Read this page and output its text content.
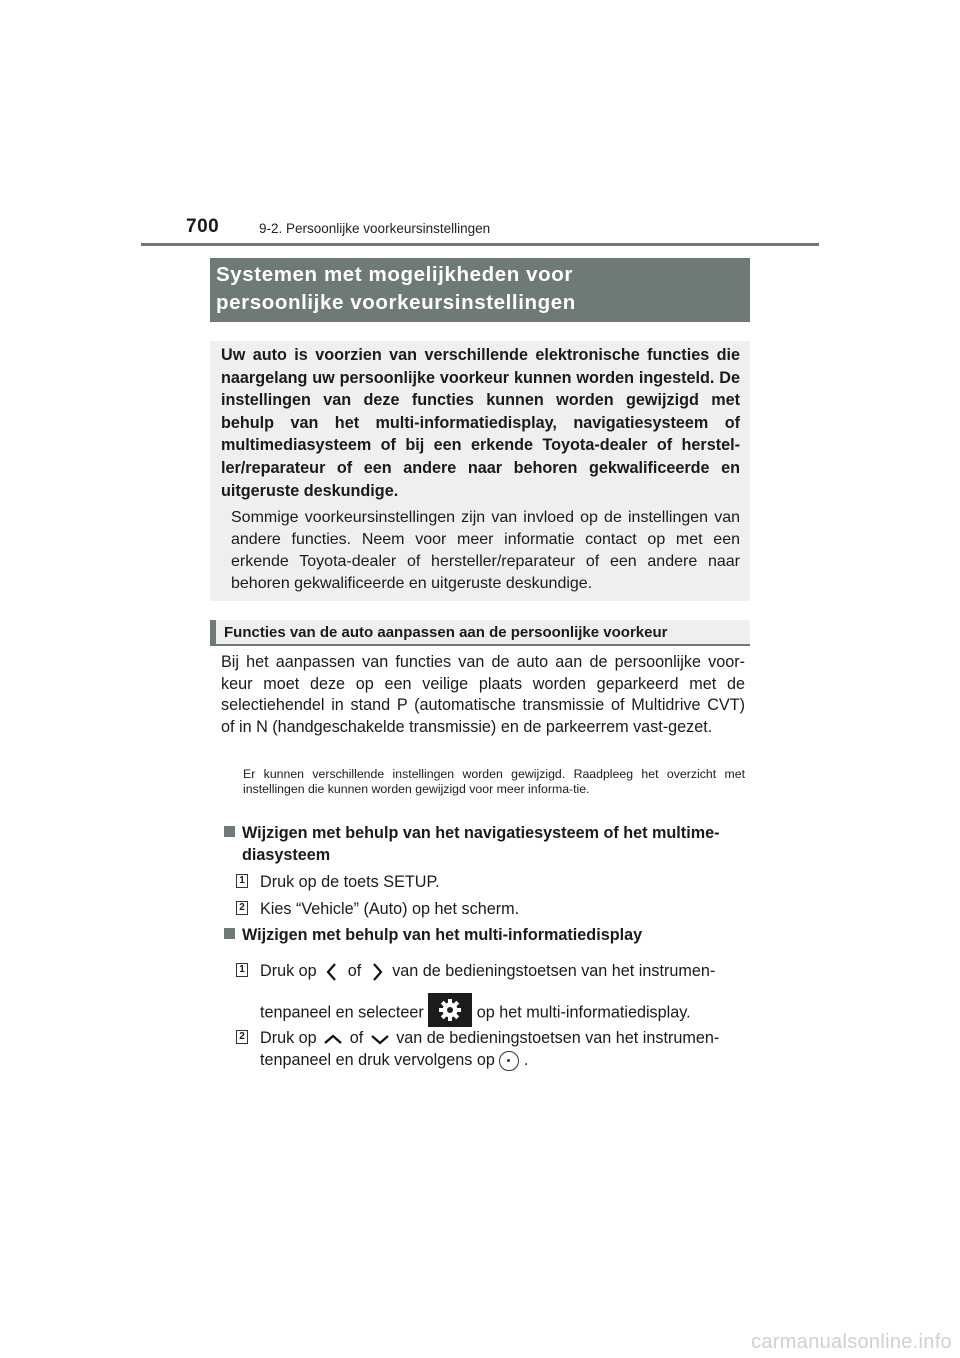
700	9-2. Persoonlijke voorkeursinstellingen
Systemen met mogelijkheden voor
persoonlijke voorkeursinstellingen

Uw auto is voorzien van verschillende elektronische functies die naargelang uw persoonlijke voorkeur kunnen worden ingesteld. De instellingen van deze functies kunnen worden gewijzigd met behulp van het multi-informatiedisplay, navigatiesysteem of multimediasysteem of bij een erkende Toyota-dealer of herstel-ler/reparateur of een andere naar behoren gekwalificeerde en uitgeruste deskundige.

Sommige voorkeursinstellingen zijn van invloed op de instellingen van andere functies. Neem voor meer informatie contact op met een erkende Toyota-dealer of hersteller/reparateur of een andere naar behoren gekwalificeerde en uitgeruste deskundige.

Functies van de auto aanpassen aan de persoonlijke voorkeur

Bij het aanpassen van functies van de auto aan de persoonlijke voor-keur moet deze op een veilige plaats worden geparkeerd met de selectiehendel in stand P (automatische transmissie of Multidrive CVT) of in N (handgeschakelde transmissie) en de parkeerrem vast-gezet.

Er kunnen verschillende instellingen worden gewijzigd. Raadpleeg het overzicht met instellingen die kunnen worden gewijzigd voor meer informa-tie.

Wijzigen met behulp van het navigatiesysteem of het multime-
diasysteem
1 Druk op de toets SETUP.
2 Kies “Vehicle” (Auto) op het scherm.
Wijzigen met behulp van het multi-informatiedisplay
1 Druk op of van de bedieningstoetsen van het instrumen-
tenpaneel en selecteer	op het multi-informatiedisplay.
2 Druk op of van de bedieningstoetsen van het instrumen-
tenpaneel en druk vervolgens op .
carmanualsonline.info
